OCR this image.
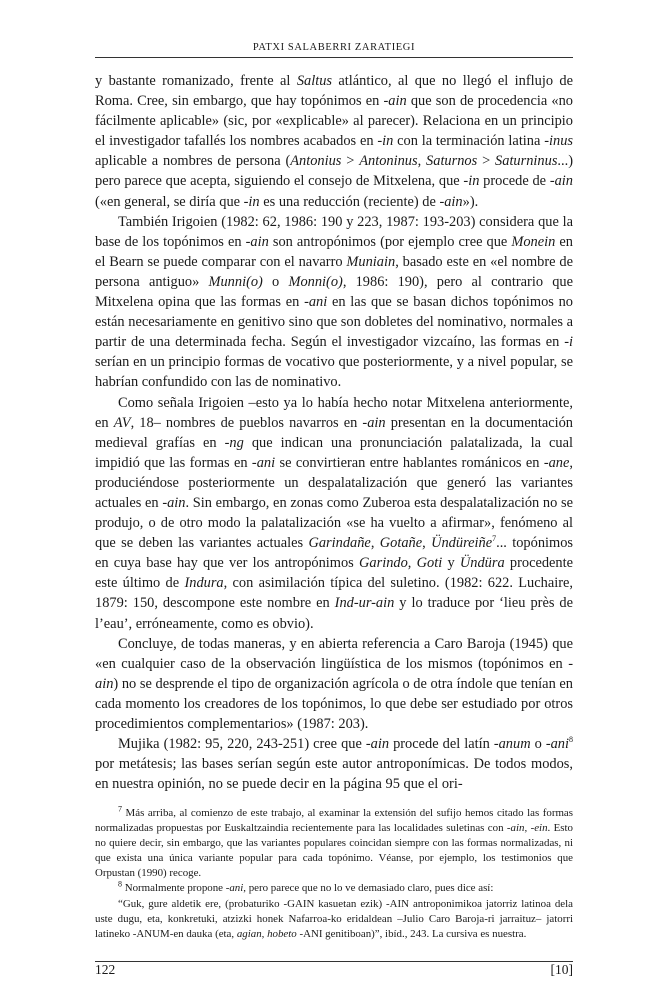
PATXI SALABERRI ZARATIEGI

y bastante romanizado, frente al Saltus atlántico, al que no llegó el influjo de Roma. Cree, sin embargo, que hay topónimos en -ain que son de procedencia «no fácilmente aplicable» (sic, por «explicable» al parecer). Relaciona en un principio el investigador tafallés los nombres acabados en -in con la terminación latina -inus aplicable a nombres de persona (Antonius > Antoninus, Saturnos > Saturninus...) pero parece que acepta, siguiendo el consejo de Mitxelena, que -in procede de -ain («en general, se diría que -in es una reducción (reciente) de -ain»).

También Irigoien (1982: 62, 1986: 190 y 223, 1987: 193-203) considera que la base de los topónimos en -ain son antropónimos (por ejemplo cree que Monein en el Bearn se puede comparar con el navarro Muniain, basado este en «el nombre de persona antiguo» Munni(o) o Monni(o), 1986: 190), pero al contrario que Mitxelena opina que las formas en -ani en las que se basan dichos topónimos no están necesariamente en genitivo sino que son dobletes del nominativo, normales a partir de una determinada fecha. Según el investigador vizcaíno, las formas en -i serían en un principio formas de vocativo que posteriormente, y a nivel popular, se habrían confundido con las de nominativo.

Como señala Irigoien –esto ya lo había hecho notar Mitxelena anteriormente, en AV, 18– nombres de pueblos navarros en -ain presentan en la documentación medieval grafías en -ng que indican una pronunciación palatalizada, la cual impidió que las formas en -ani se convirtieran entre hablantes románicos en -ane, produciéndose posteriormente un despalatalización que generó las variantes actuales en -ain. Sin embargo, en zonas como Zuberoa esta despalatalización no se produjo, o de otro modo la palatalización «se ha vuelto a afirmar», fenómeno al que se deben las variantes actuales Garindañe, Gotañe, Ündüreiñe$^7$... topónimos en cuya base hay que ver los antropónimos Garindo, Goti y Ündüra procedente este último de Indura, con asimilación típica del suletino. (1982: 622. Luchaire, 1879: 150, descompone este nombre en Ind-ur-ain y lo traduce por ‘lieu près de l’eau’, erróneamente, como es obvio).

Concluye, de todas maneras, y en abierta referencia a Caro Baroja (1945) que «en cualquier caso de la observación lingüística de los mismos (topónimos en -ain) no se desprende el tipo de organización agrícola o de otra índole que tenían en cada momento los creadores de los topónimos, lo que debe ser estudiado por otros procedimientos complementarios» (1987: 203).

Mujika (1982: 95, 220, 243-251) cree que -ain procede del latín -anum o -ani$^8$ por metátesis; las bases serían según este autor antroponímicas. De todos modos, en nuestra opinión, no se puede decir en la página 95 que el ori-

$^7$ Más arriba, al comienzo de este trabajo, al examinar la extensión del sufijo hemos citado las formas normalizadas propuestas por Euskaltzaindia recientemente para las localidades suletinas con -ain, -ein. Esto no quiere decir, sin embargo, que las variantes populares coincidan siempre con las formas normalizadas, ni que exista una única variante popular para cada topónimo. Véanse, por ejemplo, los testimonios que Orpustan (1990) recoge.

$^8$ Normalmente propone -ani, pero parece que no lo ve demasiado claro, pues dice así:

“Guk, gure aldetik ere, (probaturiko -GAIN kasuetan ezik) -AIN antroponimikoa jatorriz latinoa dela uste dugu, eta, konkretuki, atzizki honek Nafarroa-ko eridaldean –Julio Caro Baroja-ri jarraituz– jatorri latineko -ANUM-en dauka (eta, agian, hobeto -ANI genitiboan)”, ibíd., 243. La cursiva es nuestra.

122	[10]
